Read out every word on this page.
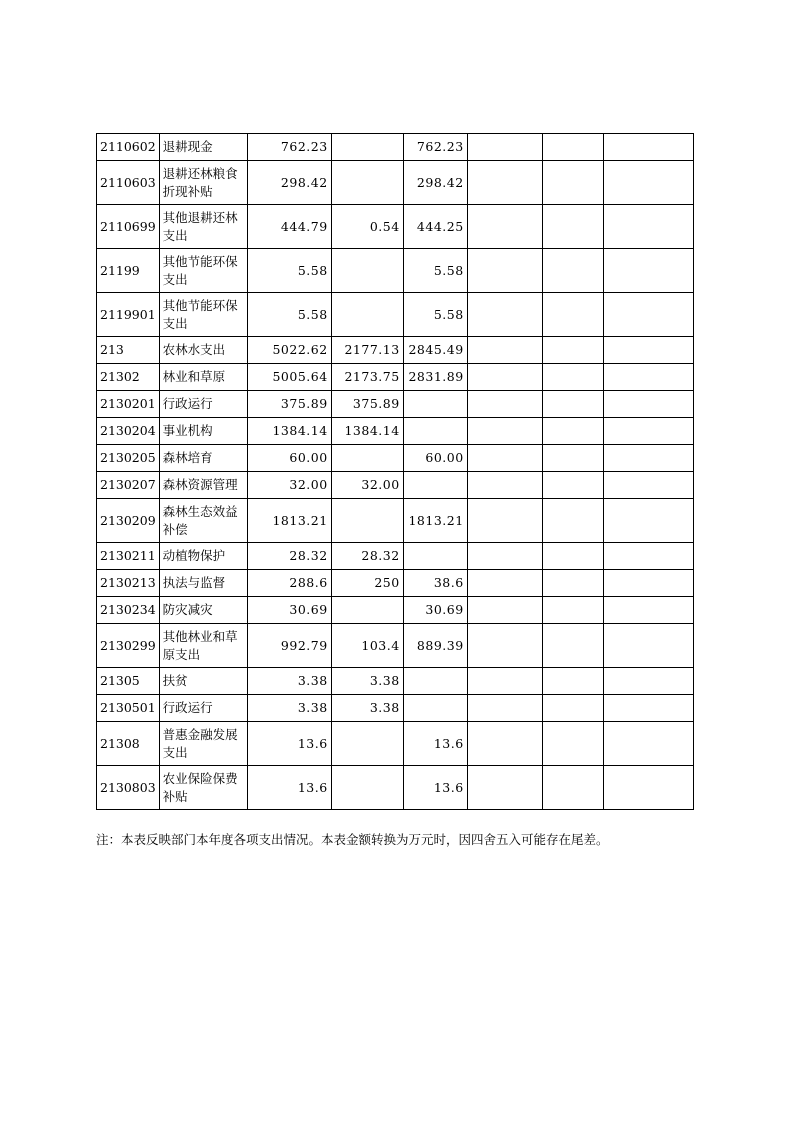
2110602	退耕现金	762.23		762.23			
2110603	退耕还林粮食折现补贴	298.42		298.42			
2110699	其他退耕还林支出	444.79	0.54	444.25			
21199	其他节能环保支出	5.58		5.58			
2119901	其他节能环保支出	5.58		5.58			
213	农林水支出	5022.62	2177.13	2845.49			
21302	林业和草原	5005.64	2173.75	2831.89			
2130201	行政运行	375.89	375.89				
2130204	事业机构	1384.14	1384.14				
2130205	森林培育	60.00		60.00			
2130207	森林资源管理	32.00	32.00				
2130209	森林生态效益补偿	1813.21		1813.21			
2130211	动植物保护	28.32	28.32				
2130213	执法与监督	288.6	250	38.6			
2130234	防灾减灾	30.69		30.69			
2130299	其他林业和草原支出	992.79	103.4	889.39			
21305	扶贫	3.38	3.38				
2130501	行政运行	3.38	3.38				
21308	普惠金融发展支出	13.6		13.6			
2130803	农业保险保费补贴	13.6		13.6			
注：本表反映部门本年度各项支出情况。本表金额转换为万元时，因四舍五入可能存在尾差。
